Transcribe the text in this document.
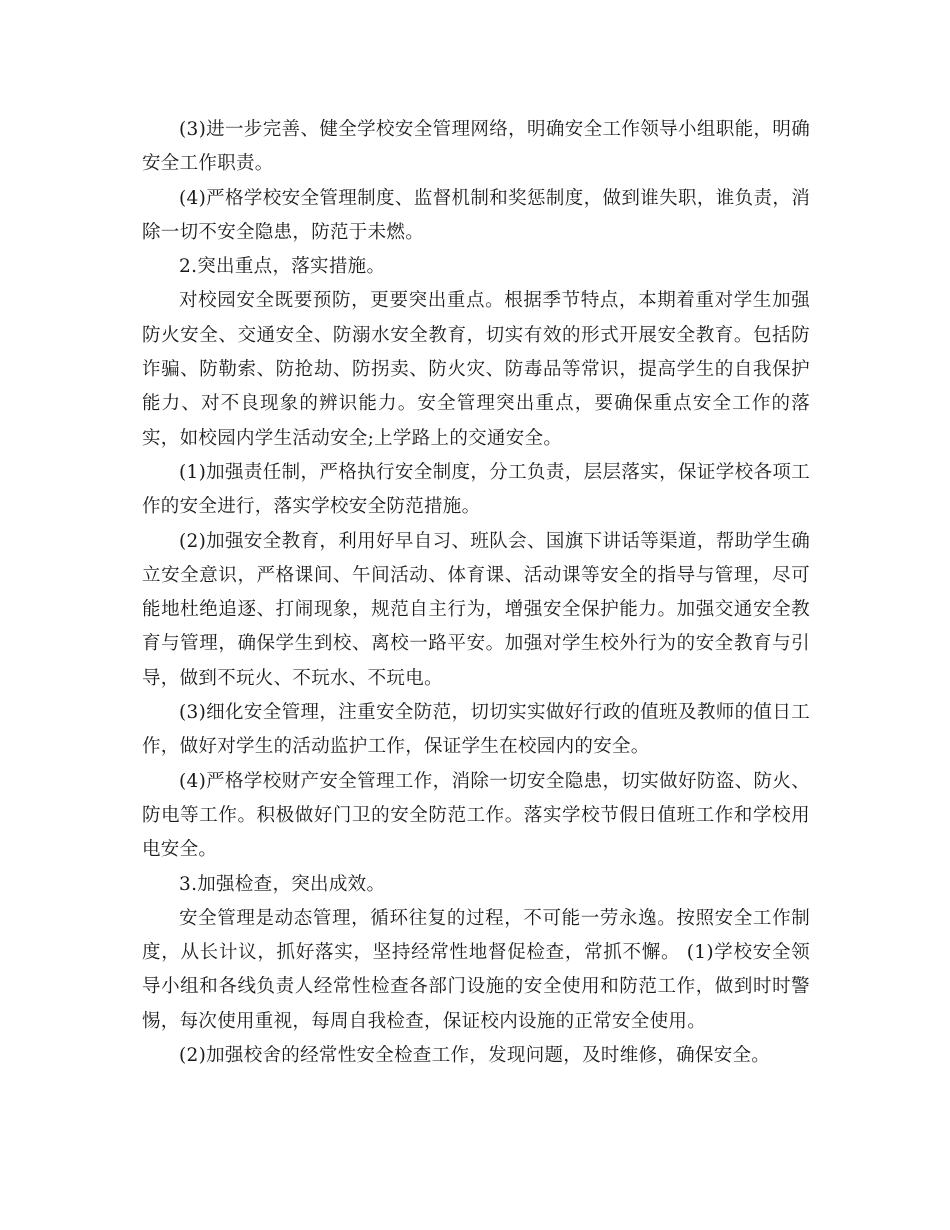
(3)进一步完善、健全学校安全管理网络，明确安全工作领导小组职能，明确安全工作职责。

(4)严格学校安全管理制度、监督机制和奖惩制度，做到谁失职，谁负责，消除一切不安全隐患，防范于未燃。

2.突出重点，落实措施。

对校园安全既要预防，更要突出重点。根据季节特点，本期着重对学生加强防火安全、交通安全、防溺水安全教育，切实有效的形式开展安全教育。包括防诈骗、防勒索、防抢劫、防拐卖、防火灾、防毒品等常识，提高学生的自我保护能力、对不良现象的辨识能力。安全管理突出重点，要确保重点安全工作的落实，如校园内学生活动安全;上学路上的交通安全。

(1)加强责任制，严格执行安全制度，分工负责，层层落实，保证学校各项工作的安全进行，落实学校安全防范措施。

(2)加强安全教育，利用好早自习、班队会、国旗下讲话等渠道，帮助学生确立安全意识，严格课间、午间活动、体育课、活动课等安全的指导与管理，尽可能地杜绝追逐、打闹现象，规范自主行为，增强安全保护能力。加强交通安全教育与管理，确保学生到校、离校一路平安。加强对学生校外行为的安全教育与引导，做到不玩火、不玩水、不玩电。

(3)细化安全管理，注重安全防范，切切实实做好行政的值班及教师的值日工作，做好对学生的活动监护工作，保证学生在校园内的安全。

(4)严格学校财产安全管理工作，消除一切安全隐患，切实做好防盗、防火、防电等工作。积极做好门卫的安全防范工作。落实学校节假日值班工作和学校用电安全。

3.加强检查，突出成效。

安全管理是动态管理，循环往复的过程，不可能一劳永逸。按照安全工作制度，从长计议，抓好落实，坚持经常性地督促检查，常抓不懈。 (1)学校安全领导小组和各线负责人经常性检查各部门设施的安全使用和防范工作，做到时时警惕，每次使用重视，每周自我检查，保证校内设施的正常安全使用。

(2)加强校舍的经常性安全检查工作，发现问题，及时维修，确保安全。
